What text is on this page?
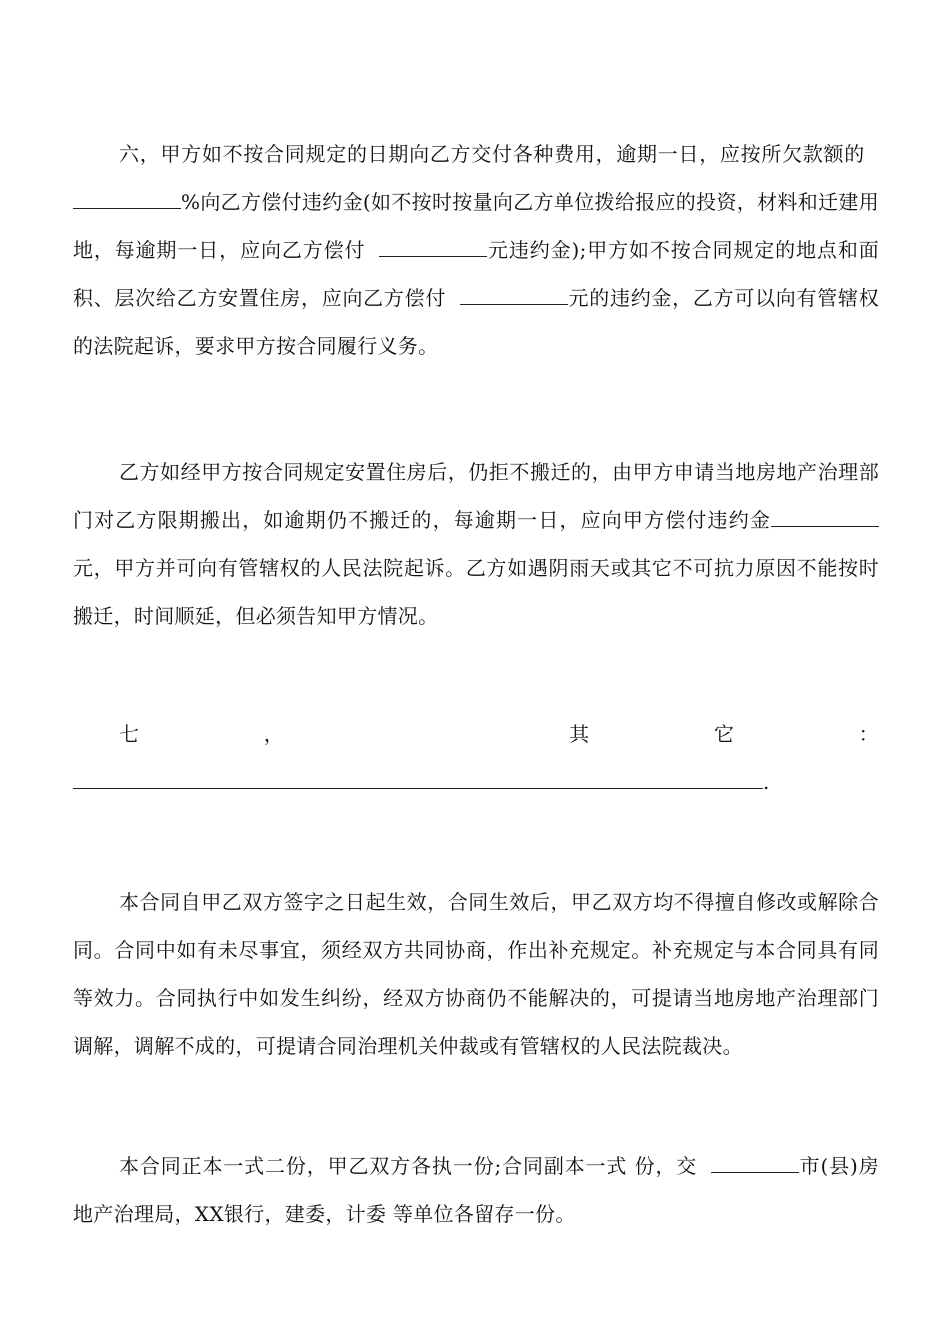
六，甲方如不按合同规定的日期向乙方交付各种费用，逾期一日，应按所欠款额的%向乙方偿付违约金(如不按时按量向乙方单位拨给报应的投资，材料和迁建用地，每逾期一日，应向乙方偿付	元违约金);甲方如不按合同规定的地点和面积、层次给乙方安置住房，应向乙方偿付	元的违约金，乙方可以向有管辖权的法院起诉，要求甲方按合同履行义务。

乙方如经甲方按合同规定安置住房后，仍拒不搬迁的，由甲方申请当地房地产治理部门对乙方限期搬出，如逾期仍不搬迁的，每逾期一日，应向甲方偿付违约金元，甲方并可向有管辖权的人民法院起诉。乙方如遇阴雨天或其它不可抗力原因不能按时搬迁，时间顺延，但必须告知甲方情况。

七， 其它：.

本合同自甲乙双方签字之日起生效，合同生效后，甲乙双方均不得擅自修改或解除合同。合同中如有未尽事宜，须经双方共同协商，作出补充规定。补充规定与本合同具有同等效力。合同执行中如发生纠纷，经双方协商仍不能解决的，可提请当地房地产治理部门调解，调解不成的，可提请合同治理机关仲裁或有管辖权的人民法院裁决。

本合同正本一式二份，甲乙双方各执一份;合同副本一式 份，交	市(县)房地产治理局，XX银行，建委，计委 等单位各留存一份。
